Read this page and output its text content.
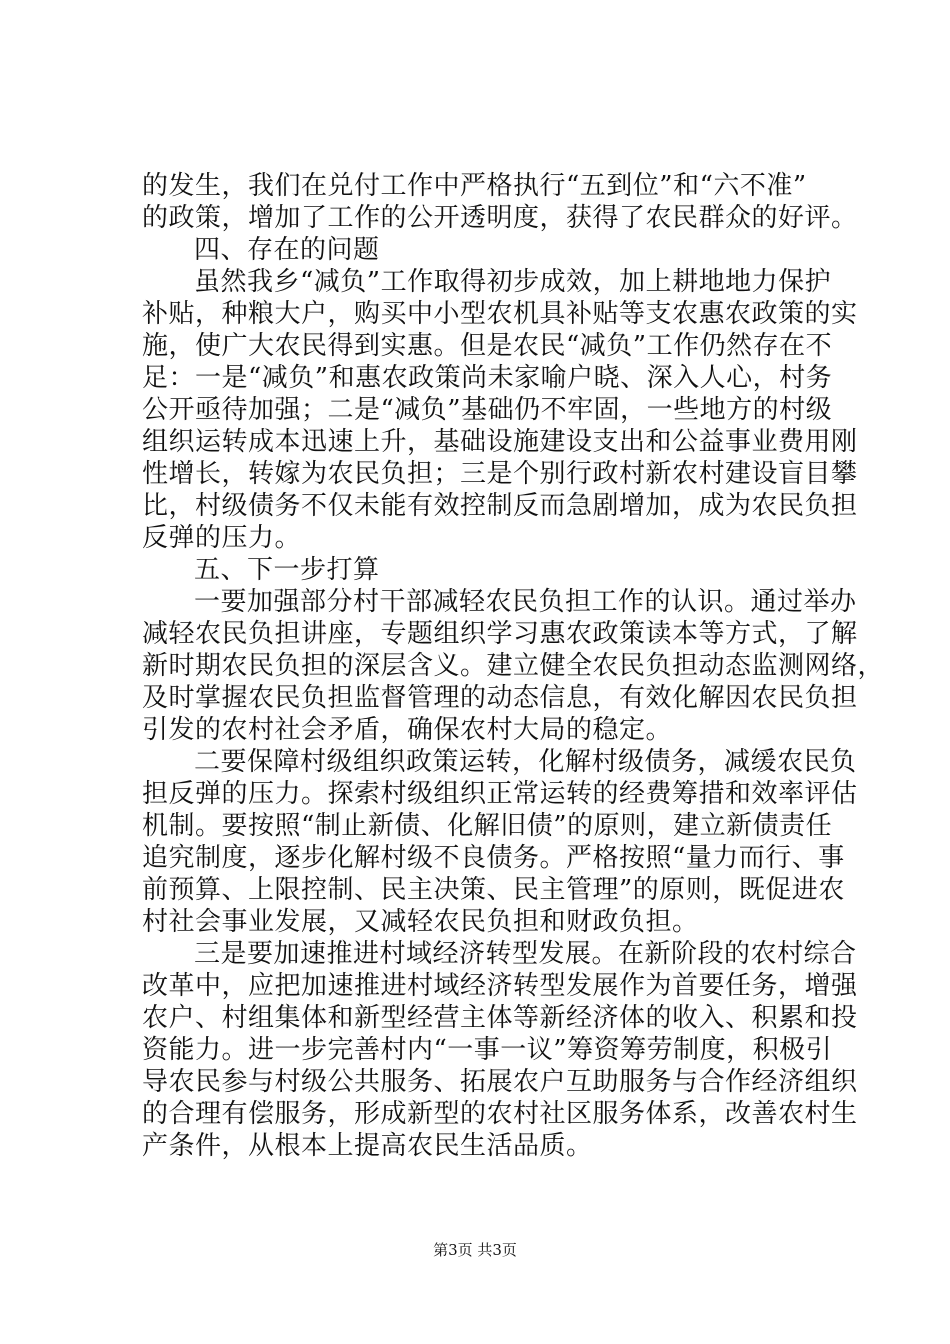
的发生，我们在兑付工作中严格执行“五到位”和“六不准”
的政策，增加了工作的公开透明度，获得了农民群众的好评。
四、存在的问题
虽然我乡“减负”工作取得初步成效，加上耕地地力保护
补贴，种粮大户，购买中小型农机具补贴等支农惠农政策的实
施，使广大农民得到实惠。但是农民“减负”工作仍然存在不
足：一是“减负”和惠农政策尚未家喻户晓、深入人心，村务
公开亟待加强；二是“减负”基础仍不牢固，一些地方的村级
组织运转成本迅速上升，基础设施建设支出和公益事业费用刚
性增长，转嫁为农民负担；三是个别行政村新农村建设盲目攀
比，村级债务不仅未能有效控制反而急剧增加，成为农民负担
反弹的压力。
五、下一步打算
一要加强部分村干部减轻农民负担工作的认识。通过举办
减轻农民负担讲座，专题组织学习惠农政策读本等方式，了解
新时期农民负担的深层含义。建立健全农民负担动态监测网络，
及时掌握农民负担监督管理的动态信息，有效化解因农民负担
引发的农村社会矛盾，确保农村大局的稳定。
二要保障村级组织政策运转，化解村级债务，减缓农民负
担反弹的压力。探索村级组织正常运转的经费筹措和效率评估
机制。要按照“制止新债、化解旧债”的原则，建立新债责任
追究制度，逐步化解村级不良债务。严格按照“量力而行、事
前预算、上限控制、民主决策、民主管理”的原则，既促进农
村社会事业发展，又减轻农民负担和财政负担。
三是要加速推进村域经济转型发展。在新阶段的农村综合
改革中，应把加速推进村域经济转型发展作为首要任务，增强
农户、村组集体和新型经营主体等新经济体的收入、积累和投
资能力。进一步完善村内“一事一议”筹资筹劳制度，积极引
导农民参与村级公共服务、拓展农户互助服务与合作经济组织
的合理有偿服务，形成新型的农村社区服务体系，改善农村生
产条件，从根本上提高农民生活品质。
第3页 共3页
